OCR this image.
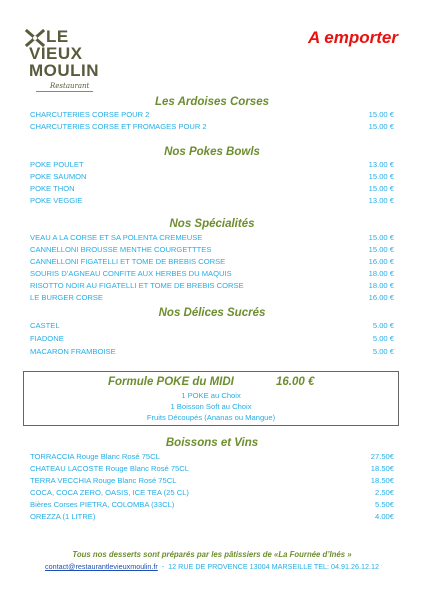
LE
VIEUX
MOULIN
Restaurant
A emporter
Les Ardoises Corses
CHARCUTERIES CORSE POUR 2	15.00 €
CHARCUTERIES CORSE ET FROMAGES POUR 2	15.00 €
Nos Pokes Bowls
POKE POULET	13.00 €
POKE SAUMON	15.00 €
POKE THON	15.00 €
POKE VEGGIE	13.00 €
Nos Spécialités
VEAU A LA CORSE ET SA POLENTA CREMEUSE	15.00 €
CANNELLONI BROUSSE MENTHE COURGETTTES	15.00 €
CANNELLONI FIGATELLI ET TOME DE BREBIS CORSE	16.00 €
SOURIS D’AGNEAU CONFITE AUX HERBES DU MAQUIS	18.00 €
RISOTTO NOIR AU FIGATELLI ET TOME DE BREBIS CORSE	18.00 €
LE BURGER CORSE	16.00 €
Nos Délices Sucrés
CASTEL	5.00 €
FIADONE	5.00 €
MACARON FRAMBOISE	5.00 €
Formule POKE du MIDI	16.00 €
1 POKE au Choix
1 Boisson Soft au Choix
Fruits Découpés (Ananas ou Mangue)
Boissons et Vins
TORRACCIA Rouge Blanc Rosé 75CL	27.50€
CHATEAU LACOSTE Rouge Blanc Rosé 75CL	18.50€
TERRA VECCHIA Rouge Blanc Rosé 75CL	18.50€
COCA, COCA ZERO, OASIS, ICE TEA (25 CL)	2.50€
Bières Corses PIETRA, COLOMBA (33CL)	5.50€
OREZZA (1 LITRE)	4.00€
Tous nos desserts sont préparés par les pâtissiers de «La Fournée d’Inés »
contact@restaurantlevieuxmoulin.fr - 12 RUE DE PROVENCE 13004 MARSEILLE TEL: 04.91.26.12.12
